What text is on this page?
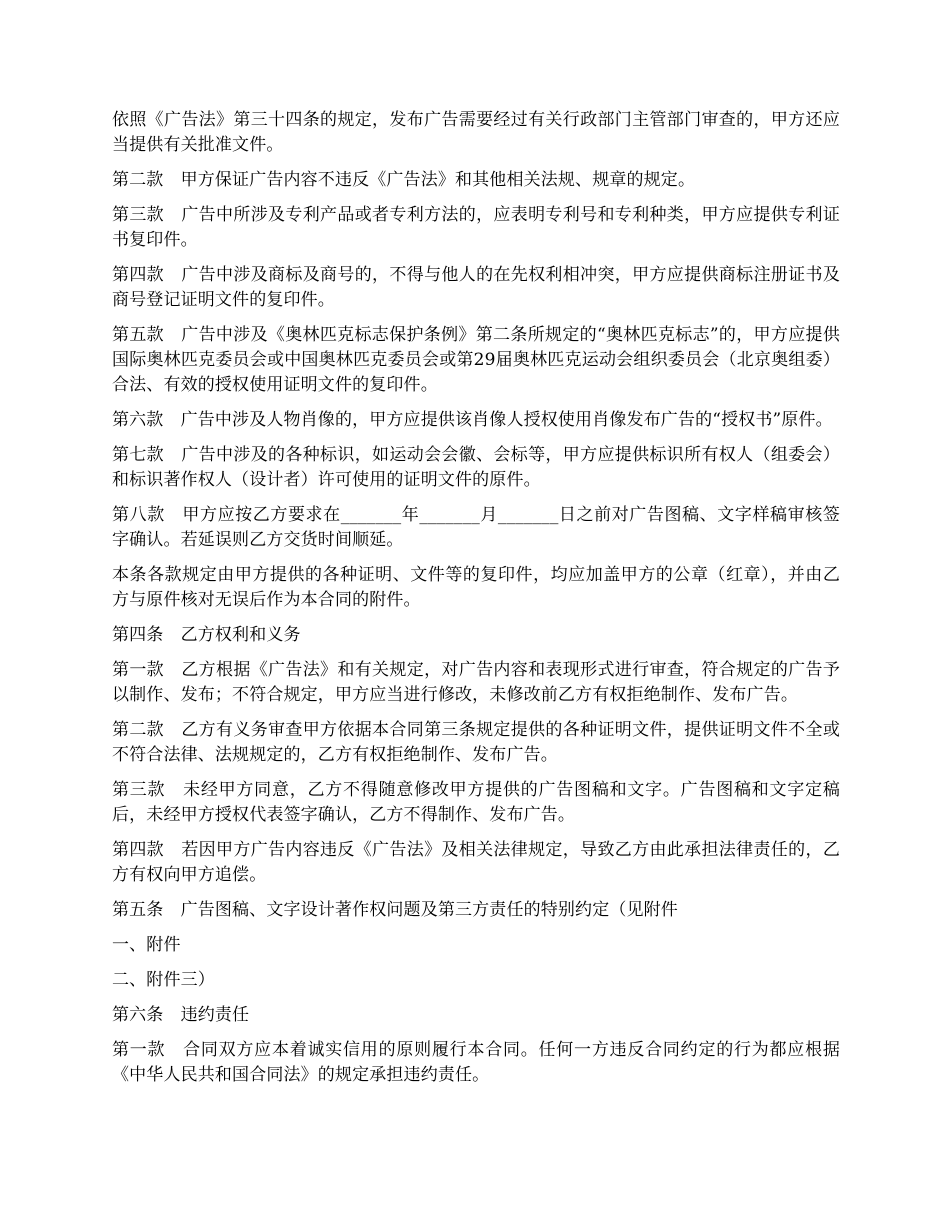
依照《广告法》第三十四条的规定，发布广告需要经过有关行政部门主管部门审查的，甲方还应当提供有关批准文件。

第二款　甲方保证广告内容不违反《广告法》和其他相关法规、规章的规定。

第三款　广告中所涉及专利产品或者专利方法的，应表明专利号和专利种类，甲方应提供专利证书复印件。

第四款　广告中涉及商标及商号的，不得与他人的在先权利相冲突，甲方应提供商标注册证书及商号登记证明文件的复印件。

第五款　广告中涉及《奥林匹克标志保护条例》第二条所规定的“奥林匹克标志”的，甲方应提供国际奥林匹克委员会或中国奥林匹克委员会或第29届奥林匹克运动会组织委员会（北京奥组委）合法、有效的授权使用证明文件的复印件。

第六款　广告中涉及人物肖像的，甲方应提供该肖像人授权使用肖像发布广告的“授权书”原件。

第七款　广告中涉及的各种标识，如运动会会徽、会标等，甲方应提供标识所有权人（组委会）和标识著作权人（设计者）许可使用的证明文件的原件。

第八款　甲方应按乙方要求在_______年_______月_______日之前对广告图稿、文字样稿审核签字确认。若延误则乙方交货时间顺延。

本条各款规定由甲方提供的各种证明、文件等的复印件，均应加盖甲方的公章（红章），并由乙方与原件核对无误后作为本合同的附件。

第四条　乙方权利和义务

第一款　乙方根据《广告法》和有关规定，对广告内容和表现形式进行审查，符合规定的广告予以制作、发布；不符合规定，甲方应当进行修改，未修改前乙方有权拒绝制作、发布广告。

第二款　乙方有义务审查甲方依据本合同第三条规定提供的各种证明文件，提供证明文件不全或不符合法律、法规规定的，乙方有权拒绝制作、发布广告。

第三款　未经甲方同意，乙方不得随意修改甲方提供的广告图稿和文字。广告图稿和文字定稿后，未经甲方授权代表签字确认，乙方不得制作、发布广告。

第四款　若因甲方广告内容违反《广告法》及相关法律规定，导致乙方由此承担法律责任的，乙方有权向甲方追偿。

第五条　广告图稿、文字设计著作权问题及第三方责任的特别约定（见附件

一、附件

二、附件三）

第六条　违约责任

第一款　合同双方应本着诚实信用的原则履行本合同。任何一方违反合同约定的行为都应根据《中华人民共和国合同法》的规定承担违约责任。
